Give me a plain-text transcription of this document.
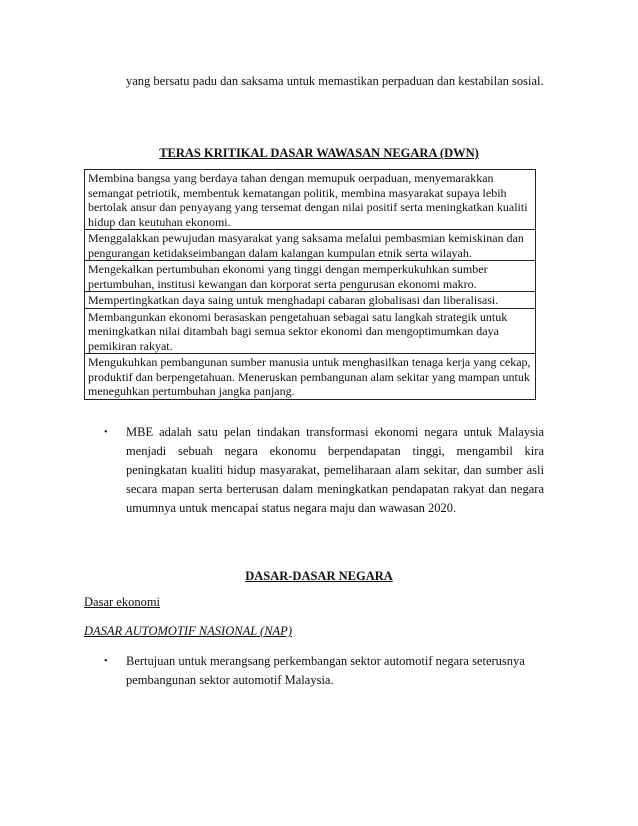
yang bersatu padu dan saksama untuk memastikan perpaduan dan kestabilan sosial.
TERAS KRITIKAL DASAR WAWASAN NEGARA (DWN)
Membina bangsa yang berdaya tahan dengan memupuk oerpaduan, menyemarakkan semangat petriotik, membentuk kematangan politik, membina masyarakat supaya lebih bertolak ansur dan penyayang yang tersemat dengan nilai positif serta meningkatkan kualiti hidup dan keutuhan ekonomi.
Menggalakkan pewujudan masyarakat yang saksama melalui pembasmian kemiskinan dan pengurangan ketidakseimbangan dalam kalangan kumpulan etnik serta wilayah.
Mengekalkan pertumbuhan ekonomi yang tinggi dengan memperkukuhkan sumber pertumbuhan, institusi kewangan dan korporat serta pengurusan ekonomi makro.
Mempertingkatkan daya saing untuk menghadapi cabaran globalisasi dan liberalisasi.
Membangunkan ekonomi berasaskan pengetahuan sebagai satu langkah strategik untuk meningkatkan nilai ditambah bagi semua sektor ekonomi dan mengoptimumkan daya pemikiran rakyat.
Mengukuhkan pembangunan sumber manusia untuk menghasilkan tenaga kerja yang cekap, produktif dan berpengetahuan. Meneruskan pembangunan alam sekitar yang mampan untuk meneguhkan pertumbuhan jangka panjang.
• MBE adalah satu pelan tindakan transformasi ekonomi negara untuk Malaysia menjadi sebuah negara ekonomu berpendapatan tinggi, mengambil kira peningkatan kualiti hidup masyarakat, pemeliharaan alam sekitar, dan sumber asli secara mapan serta berterusan dalam meningkatkan pendapatan rakyat dan negara umumnya untuk mencapai status negara maju dan wawasan 2020.
DASAR-DASAR NEGARA
Dasar ekonomi
DASAR AUTOMOTIF NASIONAL (NAP)
• Bertujuan untuk merangsang perkembangan sektor automotif negara seterusnya pembangunan sektor automotif Malaysia.
